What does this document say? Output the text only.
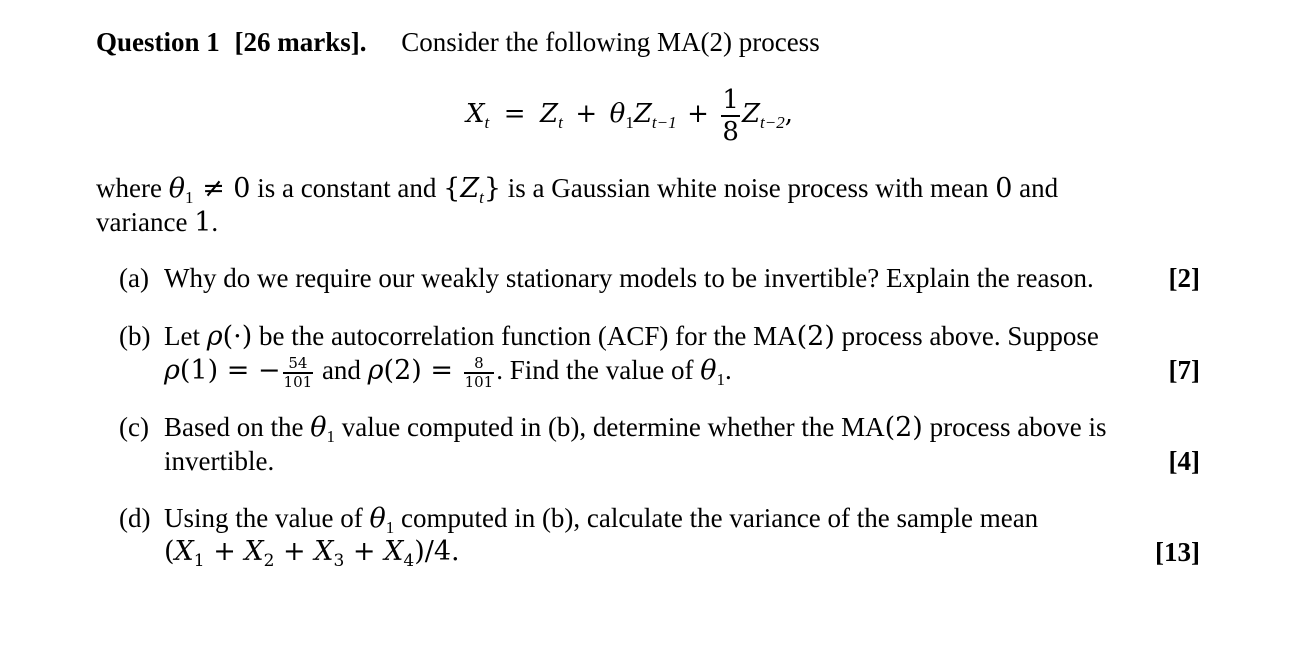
Question 1 [26 marks]. Consider the following MA(2) process
$X_t = Z_t + \theta_1Z_{t-1} + \frac{1}{8} Z_{t-2}$,
where $\theta_1 \ne 0$ is a constant and $\{Z_t\}$ is a Gaussian white noise process with mean 0 and
variance 1.
(a) Why do we require our weakly stationary models to be invertible? Explain the reason.	[2]
(b) Let ρ(·) be the autocorrelation function (ACF) for the MA(2) process above. Suppose
ρ(1) = − $\frac{54}{101}$ and $\rho(2) = \frac{8}{101}$ . Find the value of $\theta_1$.	[7]
(c) Based on the $\theta_1$ value computed in (b), determine whether the MA(2) process above is
invertible.	[4]
(d) Using the value of $\theta_1$ computed in (b), calculate the variance of the sample mean
$(X_1 + X_2 + X_3 + X_4)/4$.	[13]
